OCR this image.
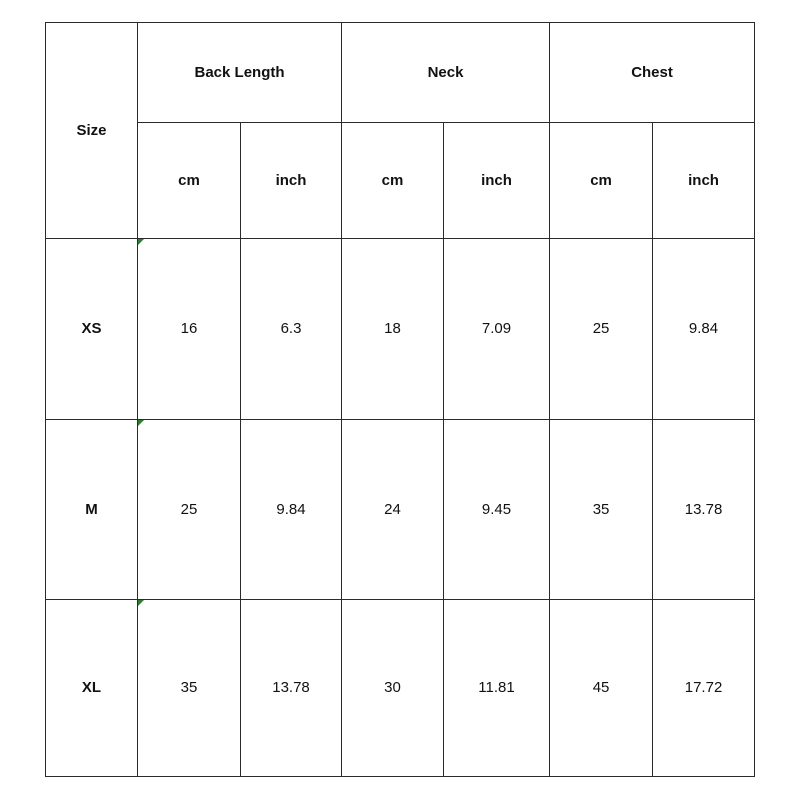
Size	Back Length		Neck		Chest	
	cm	inch	cm	inch	cm	inch
XS	16	6.3	18	7.09	25	9.84
M	25	9.84	24	9.45	35	13.78
XL	35	13.78	30	11.81	45	17.72
